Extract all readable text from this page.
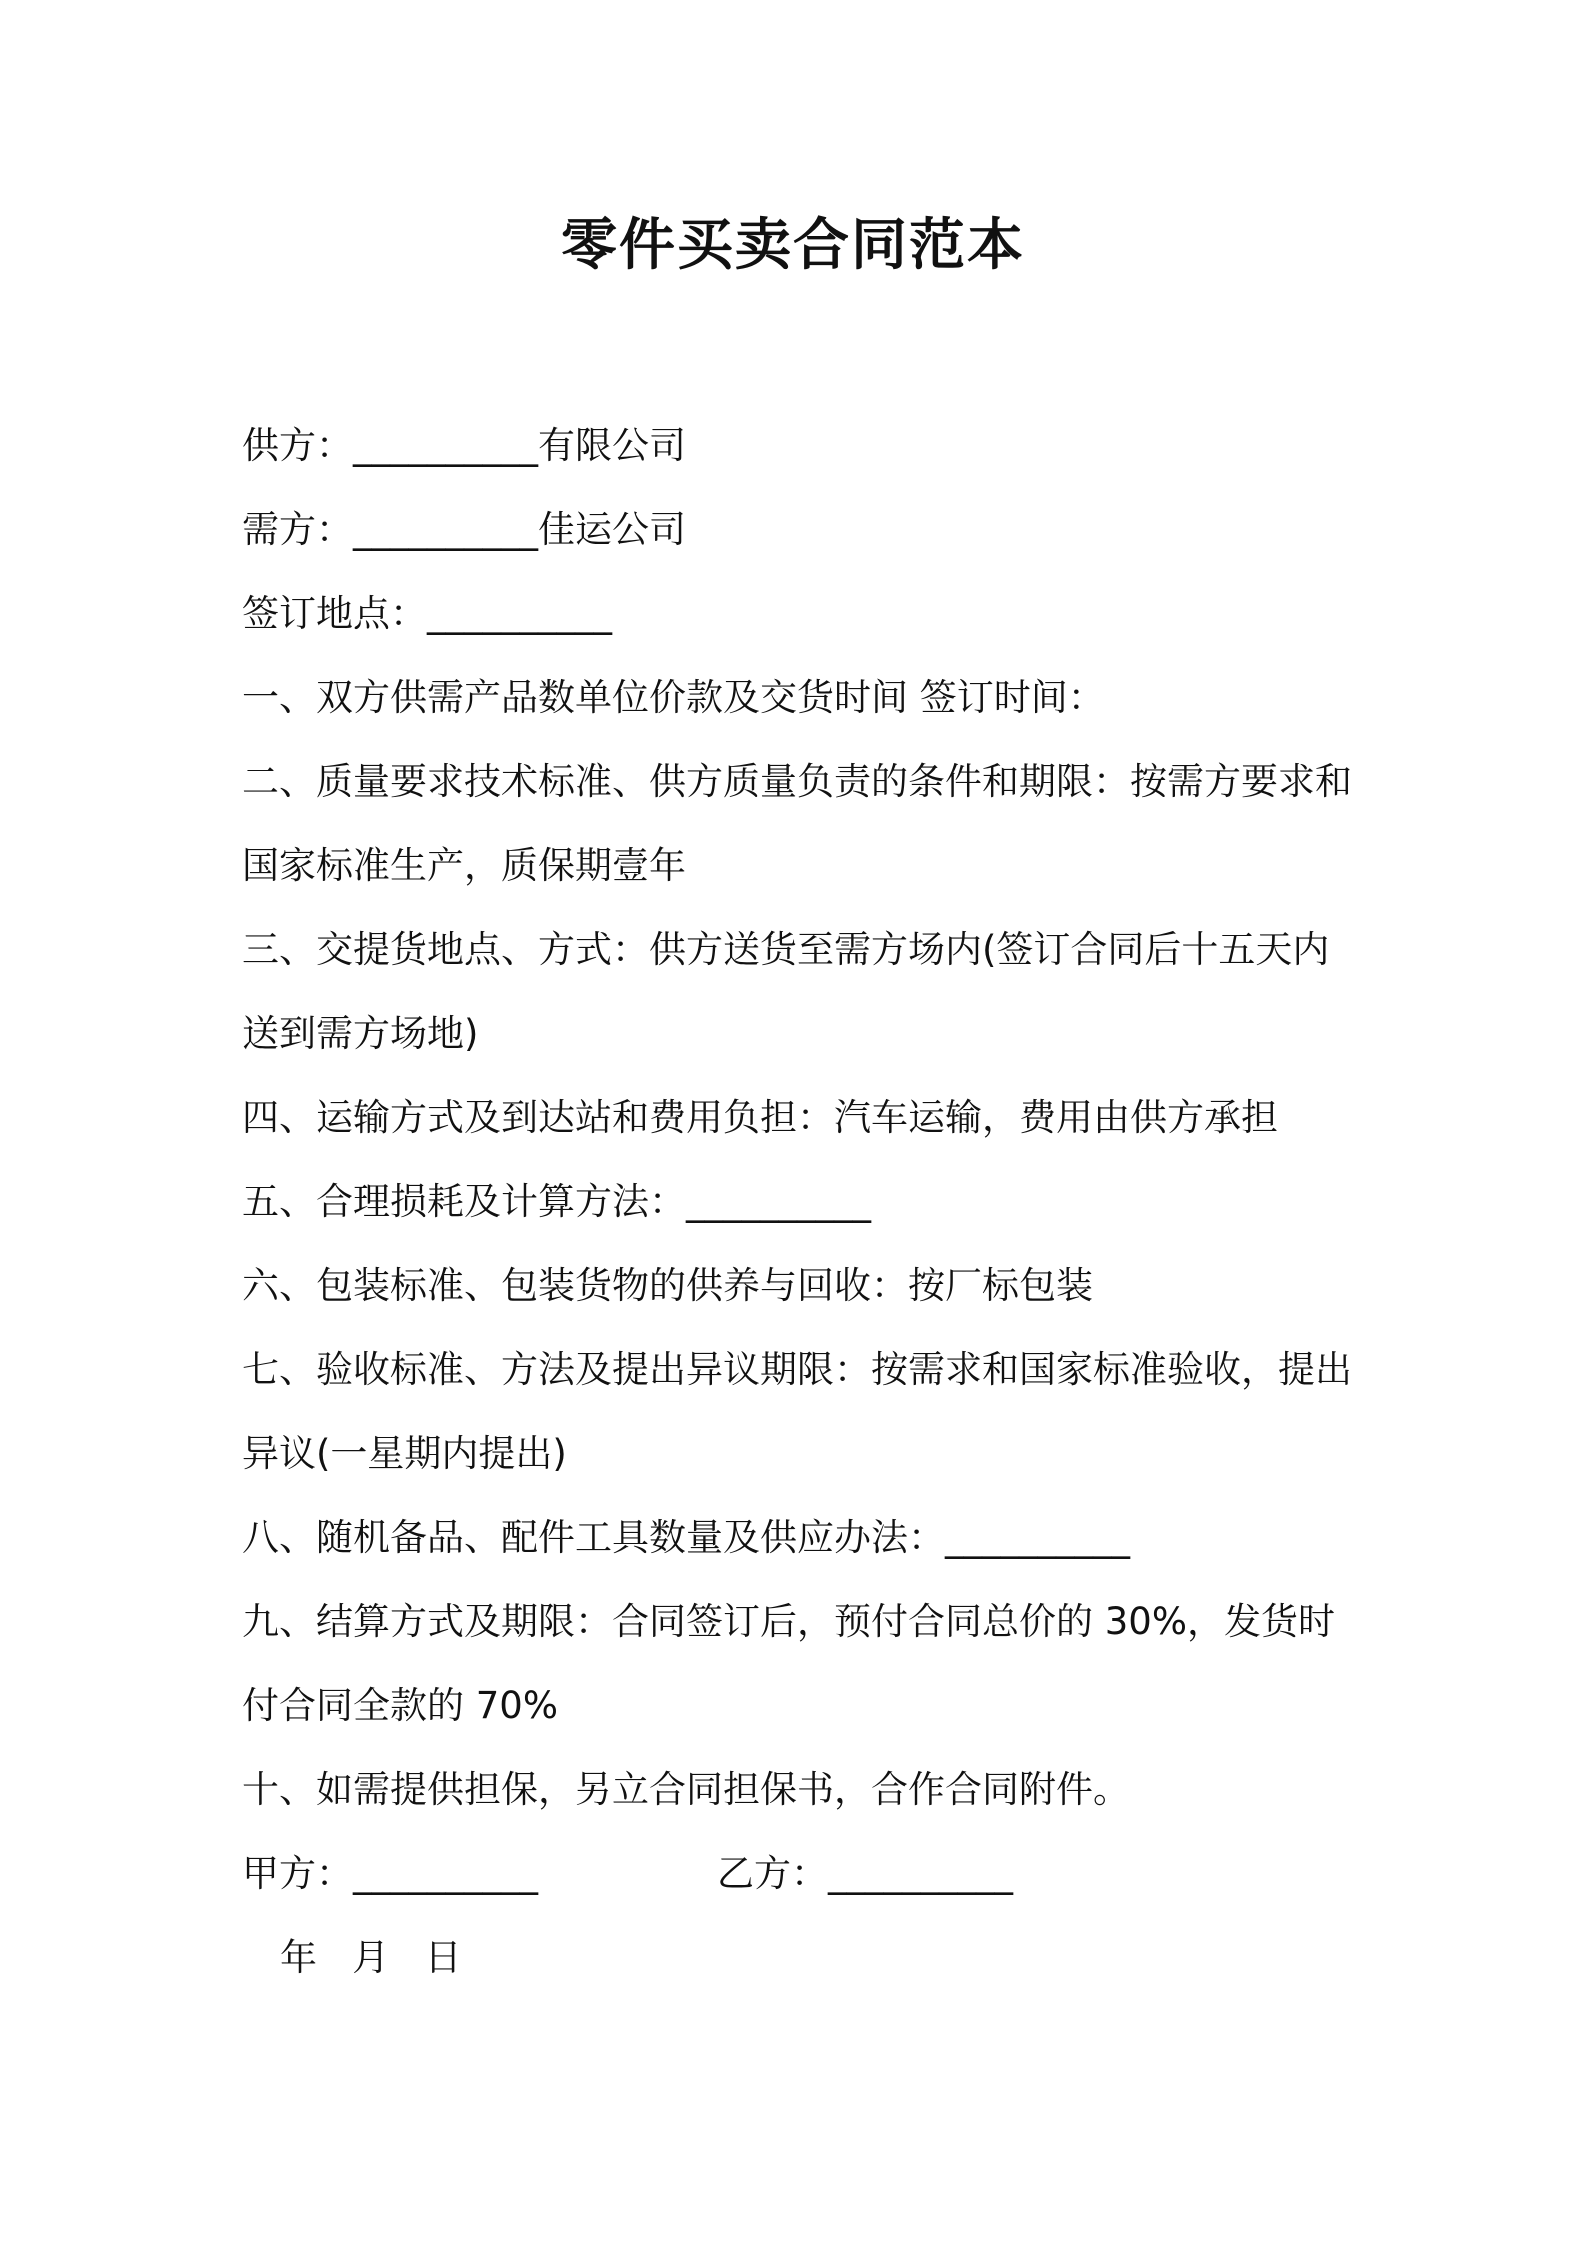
零件买卖合同范本

供方：__________有限公司

需方：__________佳运公司

签订地点：__________

一、双方供需产品数单位价款及交货时间 签订时间：

二、质量要求技术标准、供方质量负责的条件和期限：按需方要求和

国家标准生产，质保期壹年

三、交提货地点、方式：供方送货至需方场内(签订合同后十五天内

送到需方场地)

四、运输方式及到达站和费用负担：汽车运输，费用由供方承担

五、合理损耗及计算方法：__________

六、包装标准、包装货物的供养与回收：按厂标包装

七、验收标准、方法及提出异议期限：按需求和国家标准验收，提出

异议(一星期内提出)

八、随机备品、配件工具数量及供应办法：__________

九、结算方式及期限：合同签订后，预付合同总价的 30%，发货时

付合同全款的 70%

十、如需提供担保，另立合同担保书，合作合同附件。

甲方：__________	乙方：__________
年   月   日
